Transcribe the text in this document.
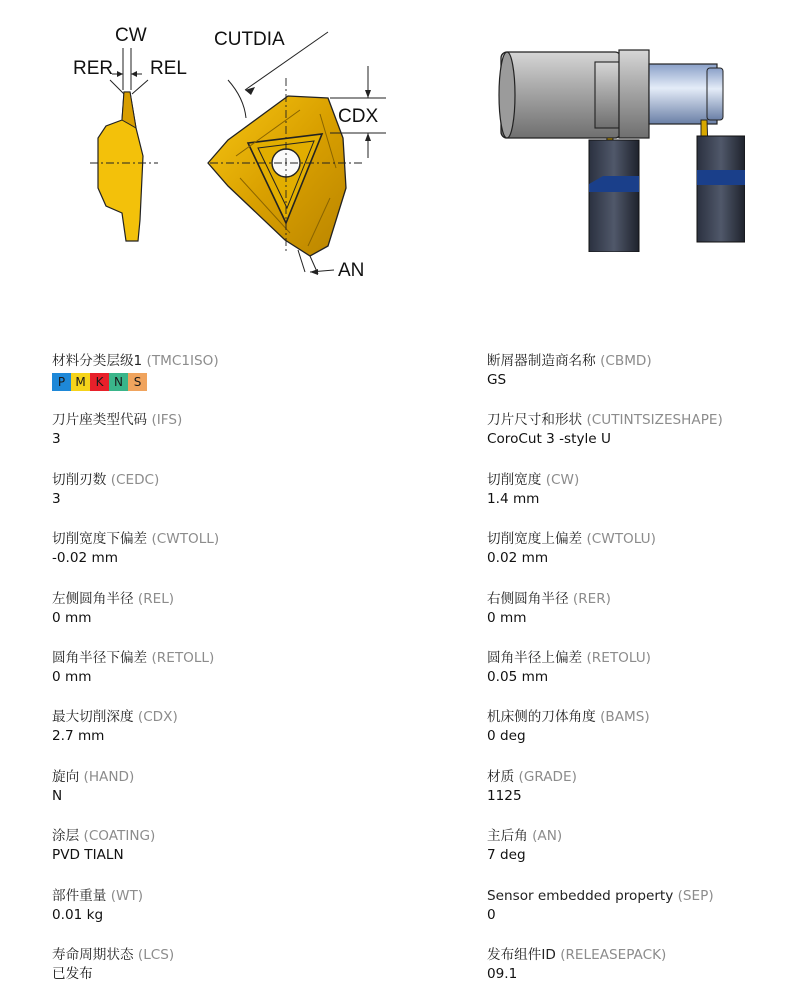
CW
RER REL
CUTDIA
CDX
AN
材料分类层级1 (TMC1ISO)
P M K N S
刀片座类型代码 (IFS)
3
切削刃数 (CEDC)
3
切削宽度下偏差 (CWTOLL)
-0.02 mm
左侧圆角半径 (REL)
0 mm
圆角半径下偏差 (RETOLL)
0 mm
最大切削深度 (CDX)
2.7 mm
旋向 (HAND)
N
涂层 (COATING)
PVD TIALN
部件重量 (WT)
0.01 kg
寿命周期状态 (LCS)
已发布
断屑器制造商名称 (CBMD)
GS
刀片尺寸和形状 (CUTINTSIZESHAPE)
CoroCut 3 -style U
切削宽度 (CW)
1.4 mm
切削宽度上偏差 (CWTOLU)
0.02 mm
右侧圆角半径 (RER)
0 mm
圆角半径上偏差 (RETOLU)
0.05 mm
机床侧的刀体角度 (BAMS)
0 deg
材质 (GRADE)
1125
主后角 (AN)
7 deg
Sensor embedded property (SEP)
0
发布组件ID (RELEASEPACK)
09.1
